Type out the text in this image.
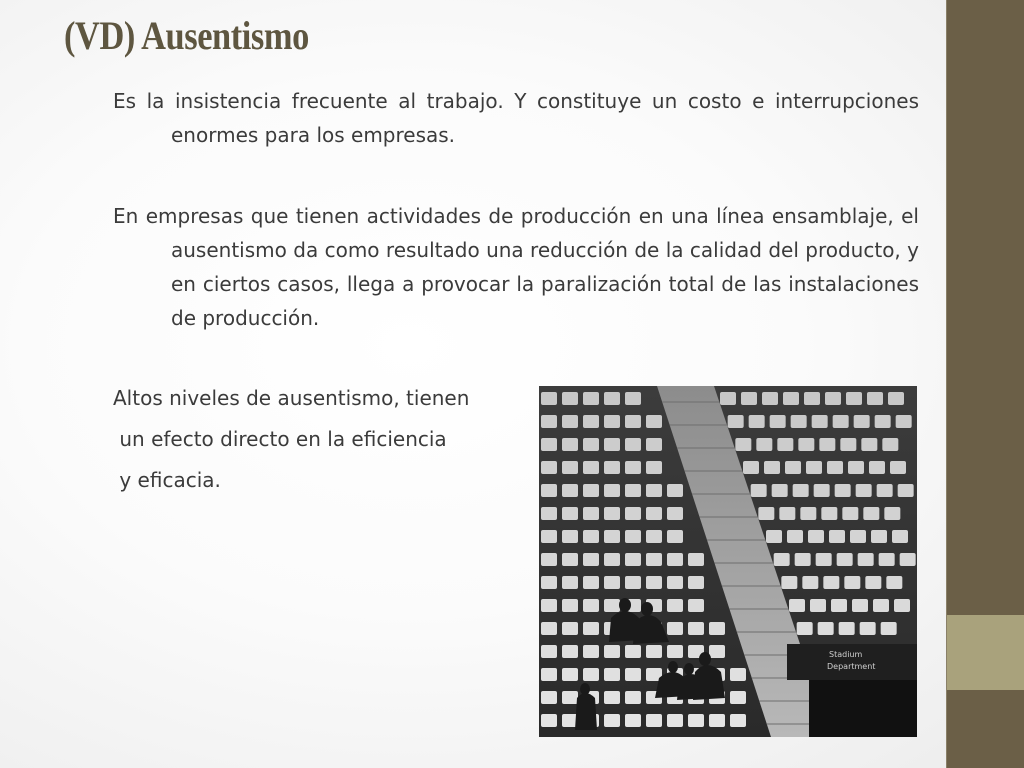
(VD) Ausentismo
Es la insistencia frecuente al trabajo. Y constituye un costo e interrupciones enormes para los empresas.
En empresas que tienen actividades de producción en una línea ensamblaje, el ausentismo da como resultado una reducción de la calidad del producto, y en ciertos casos, llega a provocar la paralización total de las instalaciones de producción.
Altos niveles de ausentismo, tienen
un efecto directo en la eficiencia
y eficacia.
Stadium
Department
